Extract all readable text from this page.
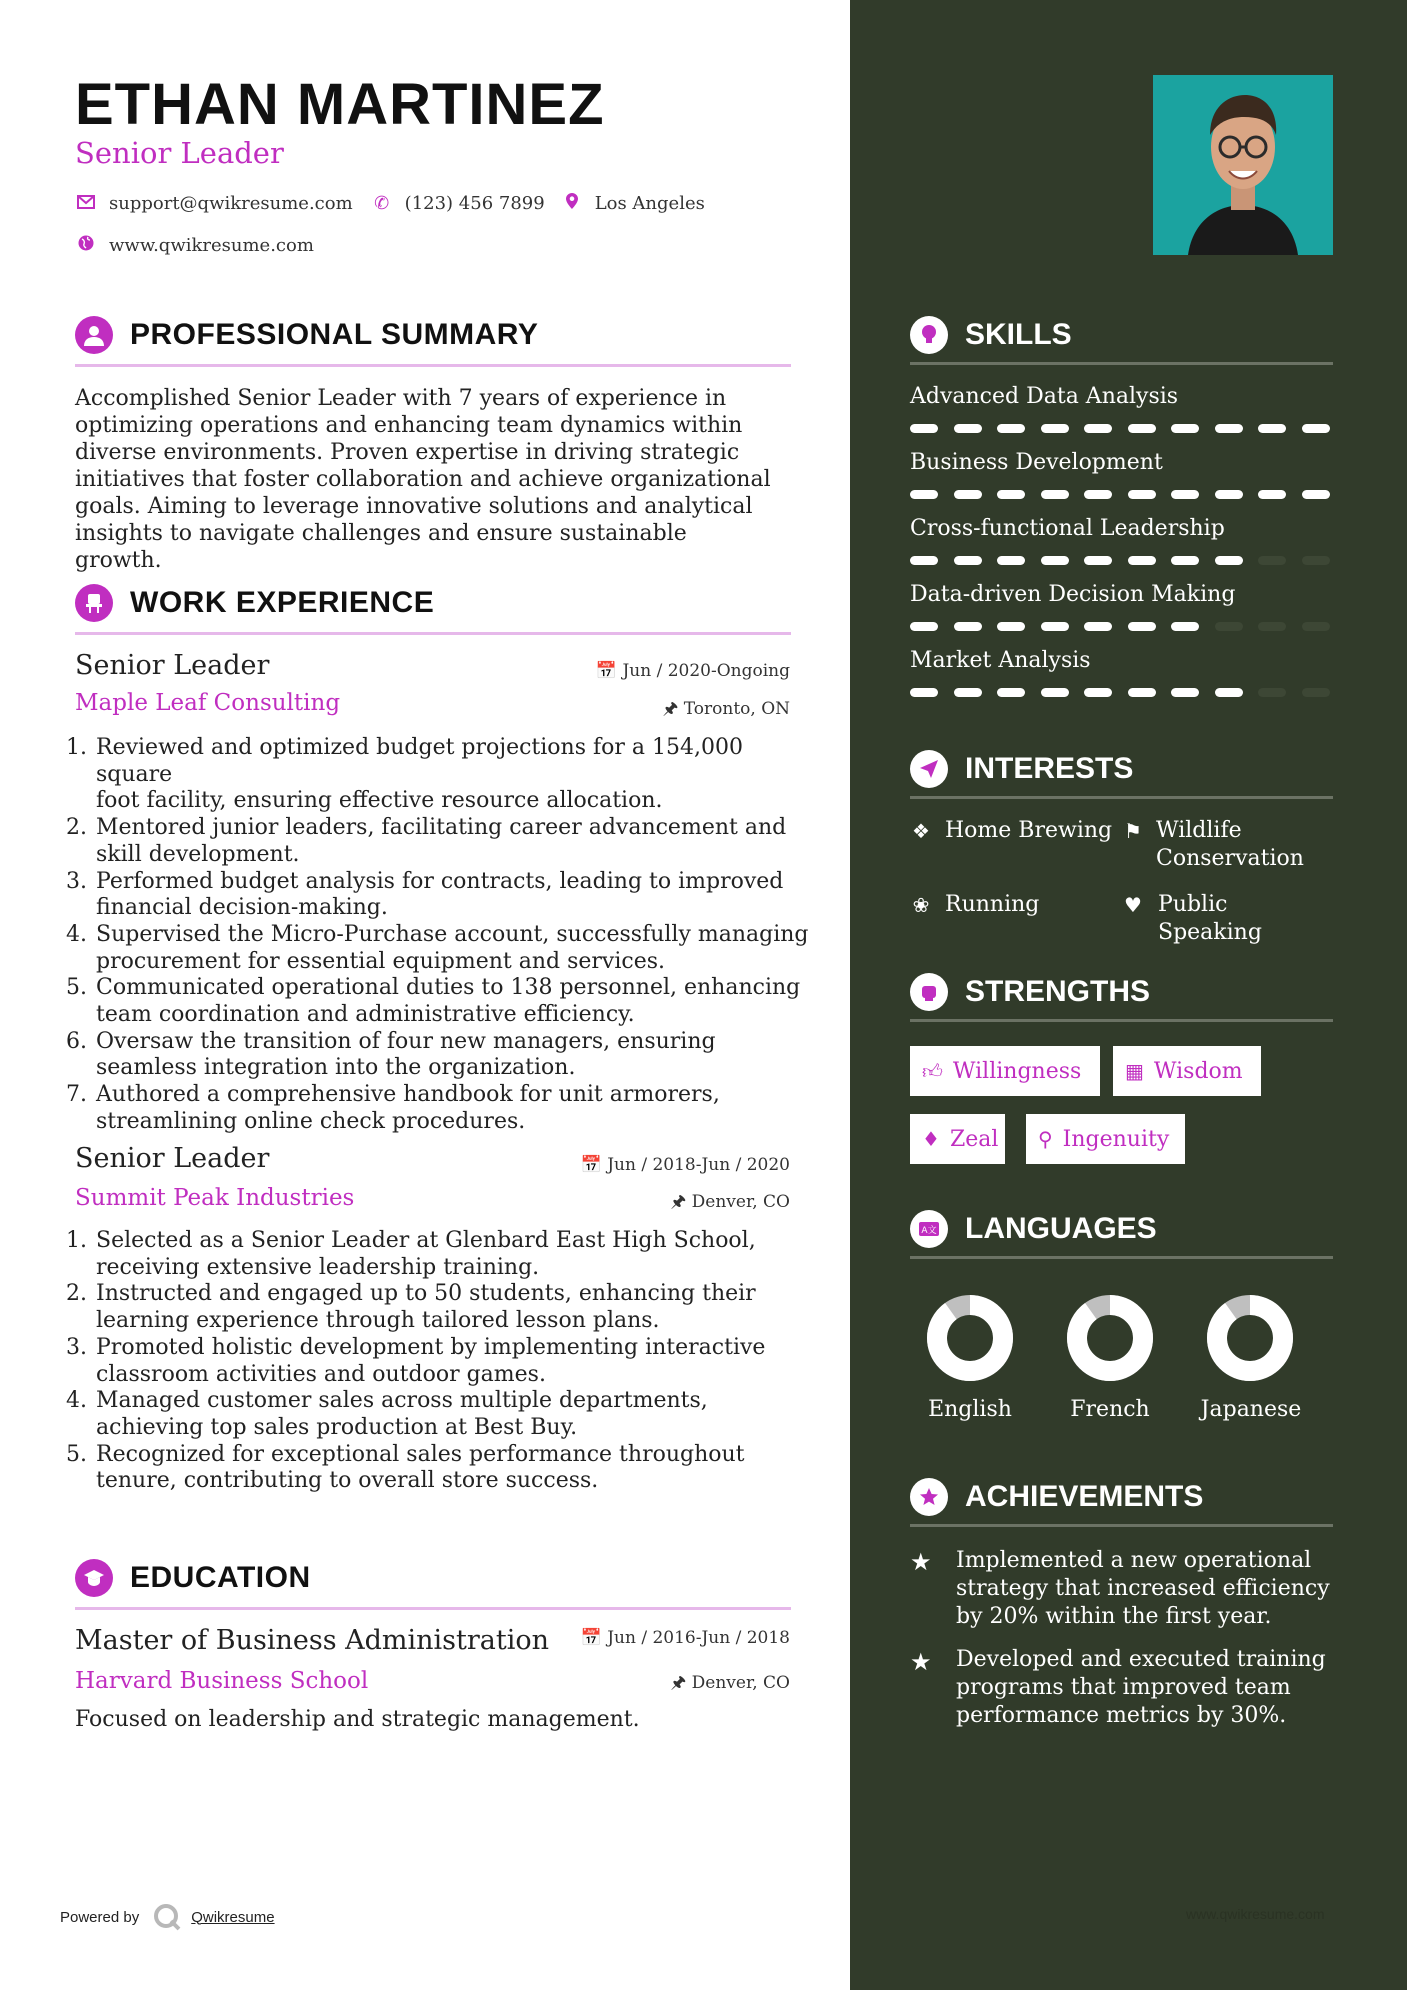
ETHAN MARTINEZ
Senior Leader
support@qwikresume.com ✆ (123) 456 7899	Los Angeles
www.qwikresume.com
PROFESSIONAL SUMMARY
Accomplished Senior Leader with 7 years of experience in
optimizing operations and enhancing team dynamics within
diverse environments. Proven expertise in driving strategic
initiatives that foster collaboration and achieve organizational
goals. Aiming to leverage innovative solutions and analytical
insights to navigate challenges and ensure sustainable growth.
WORK EXPERIENCE
Senior Leader	📅 Jun / 2020-Ongoing
Maple Leaf Consulting	🖈 Toronto, ON
1. Reviewed and optimized budget projections for a 154,000 square
foot facility, ensuring effective resource allocation.
2. Mentored junior leaders, facilitating career advancement and
skill development.
3. Performed budget analysis for contracts, leading to improved
financial decision-making.
4. Supervised the Micro-Purchase account, successfully managing
procurement for essential equipment and services.
5. Communicated operational duties to 138 personnel, enhancing
team coordination and administrative efficiency.
6. Oversaw the transition of four new managers, ensuring
seamless integration into the organization.
7. Authored a comprehensive handbook for unit armorers,
streamlining online check procedures.
Senior Leader	📅 Jun / 2018-Jun / 2020
Summit Peak Industries	🖈 Denver, CO
1. Selected as a Senior Leader at Glenbard East High School,
receiving extensive leadership training.
2. Instructed and engaged up to 50 students, enhancing their
learning experience through tailored lesson plans.
3. Promoted holistic development by implementing interactive
classroom activities and outdoor games.
4. Managed customer sales across multiple departments,
achieving top sales production at Best Buy.
5. Recognized for exceptional sales performance throughout
tenure, contributing to overall store success.
EDUCATION
Master of Business Administration	📅 Jun / 2016-Jun / 2018
Harvard Business School	🖈 Denver, CO
Focused on leadership and strategic management.
Powered by	Qwikresume	www.qwikresume.com
SKILLS
Advanced Data Analysis
Business Development
Cross-functional Leadership
Data-driven Decision Making
Market Analysis
INTERESTS
❖ Home Brewing ⚑ Wildlife
Conservation
❀ Running	♥ Public Speaking
STRENGTHS
👍︎ Willingness ▦ Wisdom
♦ Zeal ⚲ Ingenuity
A文 LANGUAGES
English	French	Japanese
ACHIEVEMENTS
★ Implemented a new operational
strategy that increased efficiency
by 20% within the first year.
★ Developed and executed training
programs that improved team
performance metrics by 30%.
